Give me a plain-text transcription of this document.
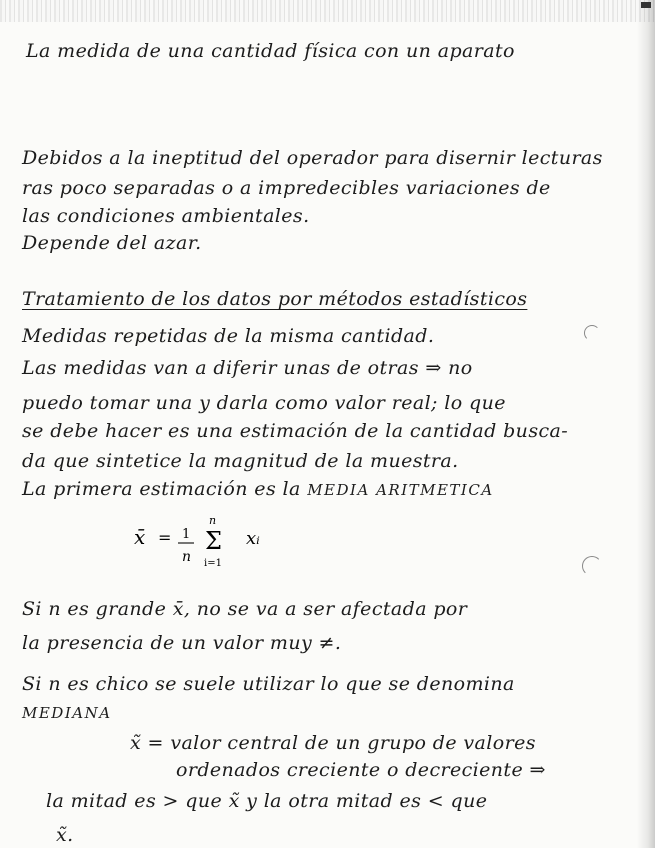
La medida de una cantidad física con un aparato
Debidos a la ineptitud del operador para disernir lecturas
ras poco separadas o a impredecibles variaciones de
las condiciones ambientales.
Depende del azar.
Tratamiento de los datos por métodos estadísticos
Medidas repetidas de la misma cantidad.
Las medidas van a diferir unas de otras ⇒ no
puedo tomar una y darla como valor real; lo que
se debe hacer es una estimación de la cantidad busca-
da que sintetice la magnitud de la muestra.
La primera estimación es la MEDIA ARITMETICA
x̄ = 1
n
n
Σ
i=1
xᵢ
Si n es grande x̄, no se va a ser afectada por
la presencia de un valor muy ≠.
Si n es chico se suele utilizar lo que se denomina
MEDIANA
x̃ = valor central de un grupo de valores
ordenados creciente o decreciente ⇒
la mitad es > que x̃ y la otra mitad es < que
x̃.
